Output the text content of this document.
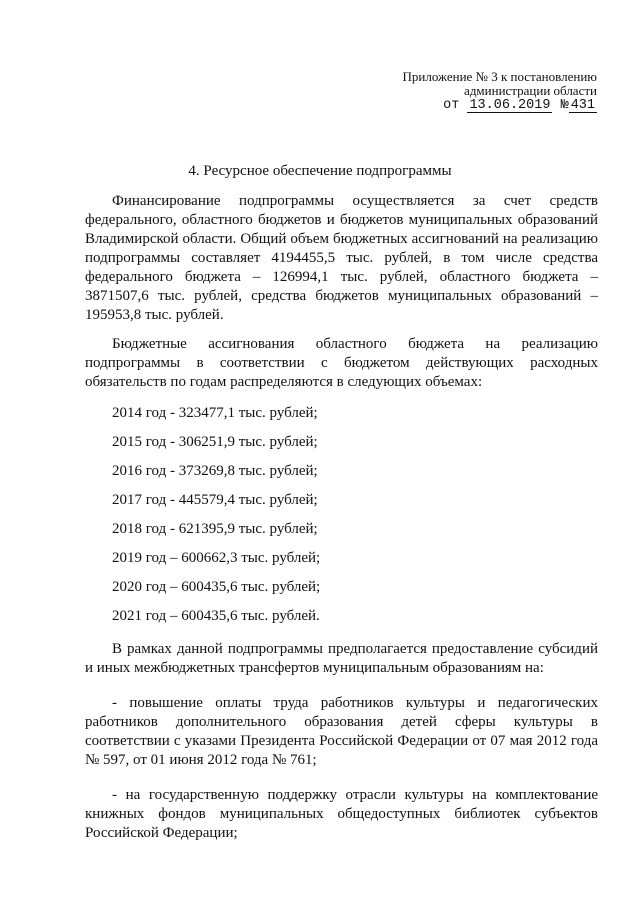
Приложение № 3 к постановлению
администрации области
от 13.06.2019 № 431
4. Ресурсное обеспечение подпрограммы

Финансирование подпрограммы осуществляется за счет средств федерального, областного бюджетов и бюджетов муниципальных образований Владимирской области. Общий объем бюджетных ассигнований на реализацию подпрограммы составляет 4194455,5 тыс. рублей, в том числе средства федерального бюджета – 126994,1 тыс. рублей, областного бюджета – 3871507,6 тыс. рублей, средства бюджетов муниципальных образований – 195953,8 тыс. рублей.

Бюджетные ассигнования областного бюджета на реализацию подпрограммы в соответствии с бюджетом действующих расходных обязательств по годам распределяются в следующих объемах:

2014 год - 323477,1 тыс. рублей;
2015 год - 306251,9 тыс. рублей;
2016 год - 373269,8 тыс. рублей;
2017 год - 445579,4 тыс. рублей;
2018 год - 621395,9 тыс. рублей;
2019 год – 600662,3 тыс. рублей;
2020 год – 600435,6 тыс. рублей;
2021 год – 600435,6 тыс. рублей.

В рамках данной подпрограммы предполагается предоставление субсидий и иных межбюджетных трансфертов муниципальным образованиям на:

- повышение оплаты труда работников культуры и педагогических работников дополнительного образования детей сферы культуры в соответствии с указами Президента Российской Федерации от 07 мая 2012 года № 597, от 01 июня 2012 года № 761;

- на государственную поддержку отрасли культуры на комплектование книжных фондов муниципальных общедоступных библиотек субъектов Российской Федерации;
